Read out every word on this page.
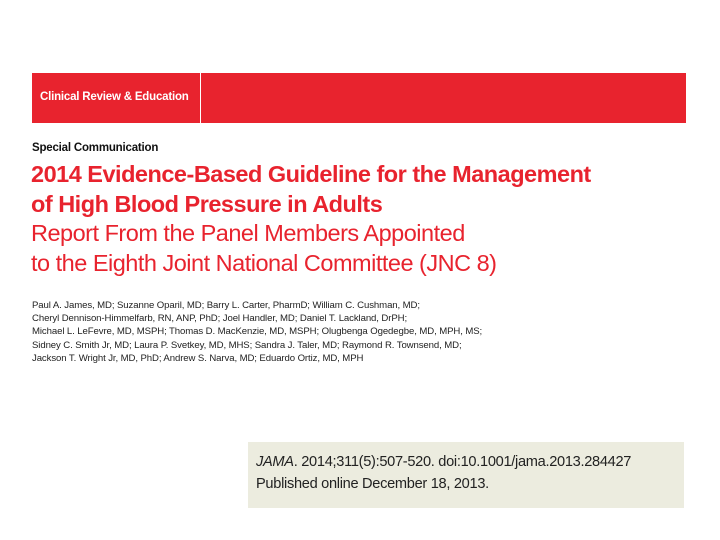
Clinical Review & Education
Special Communication
2014 Evidence-Based Guideline for the Management
of High Blood Pressure in Adults
Report From the Panel Members Appointed
to the Eighth Joint National Committee (JNC 8)
Paul A. James, MD; Suzanne Oparil, MD; Barry L. Carter, PharmD; William C. Cushman, MD;
Cheryl Dennison-Himmelfarb, RN, ANP, PhD; Joel Handler, MD; Daniel T. Lackland, DrPH;
Michael L. LeFevre, MD, MSPH; Thomas D. MacKenzie, MD, MSPH; Olugbenga Ogedegbe, MD, MPH, MS;
Sidney C. Smith Jr, MD; Laura P. Svetkey, MD, MHS; Sandra J. Taler, MD; Raymond R. Townsend, MD;
Jackson T. Wright Jr, MD, PhD; Andrew S. Narva, MD; Eduardo Ortiz, MD, MPH
JAMA. 2014;311(5):507-520. doi:10.1001/jama.2013.284427
Published online December 18, 2013.
